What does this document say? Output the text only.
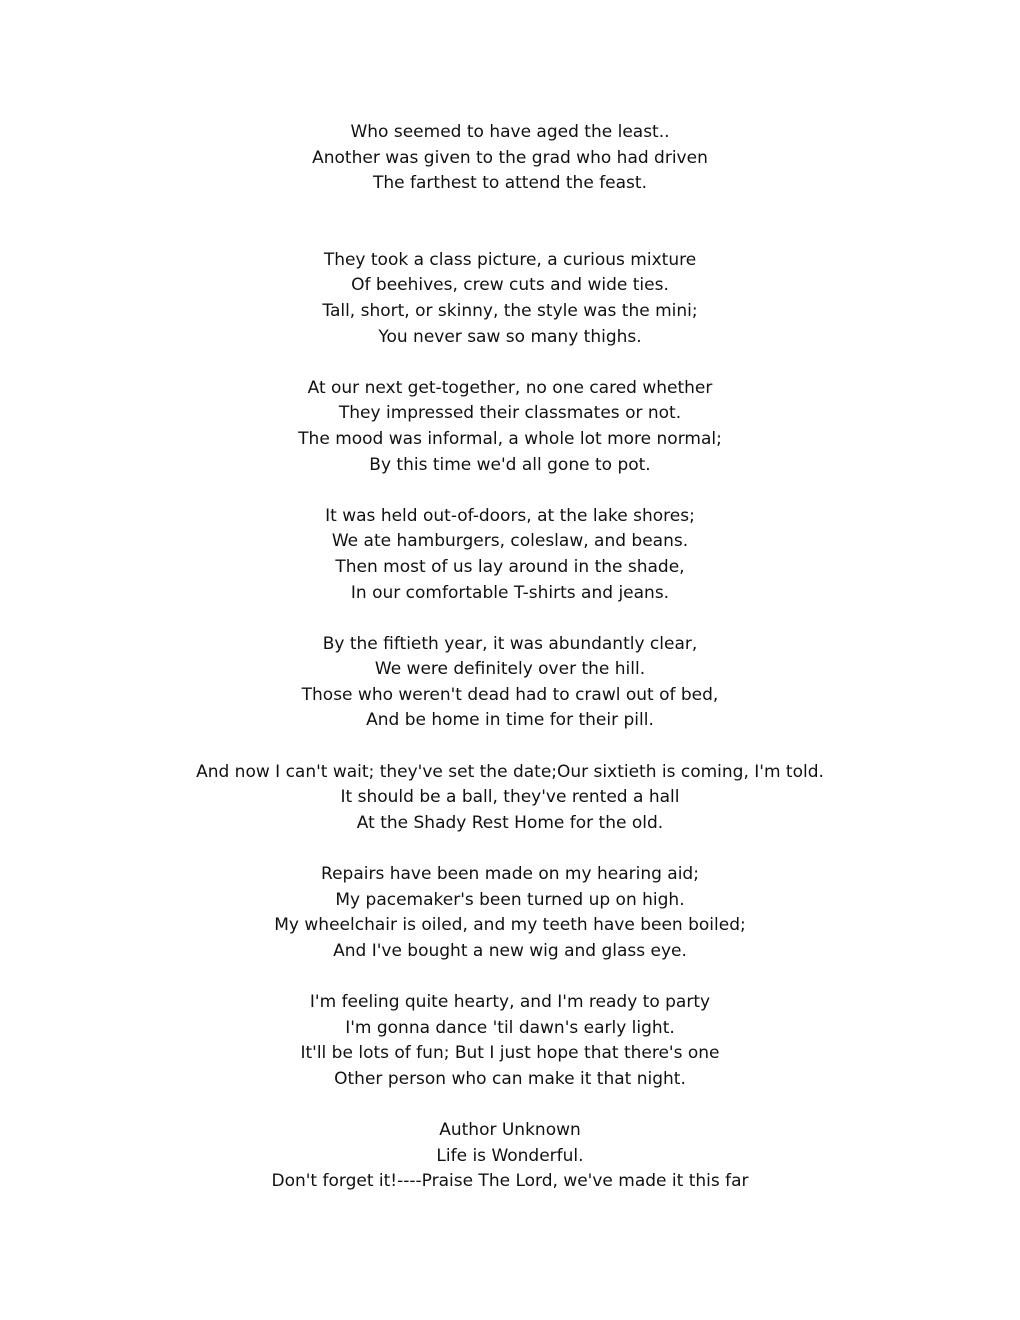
Who seemed to have aged the least..
Another was given to the grad who had driven
The farthest to attend the feast.
They took a class picture, a curious mixture
Of beehives, crew cuts and wide ties.
Tall, short, or skinny, the style was the mini;
You never saw so many thighs.
At our next get-together, no one cared whether
They impressed their classmates or not.
The mood was informal, a whole lot more normal;
By this time we'd all gone to pot.
It was held out-of-doors, at the lake shores;
We ate hamburgers, coleslaw, and beans.
Then most of us lay around in the shade,
In our comfortable T-shirts and jeans.
By the fiftieth year, it was abundantly clear,
We were definitely over the hill.
Those who weren't dead had to crawl out of bed,
And be home in time for their pill.
And now I can't wait; they've set the date;Our sixtieth is coming, I'm told.
It should be a ball, they've rented a hall
At the Shady Rest Home for the old.
Repairs have been made on my hearing aid;
My pacemaker's been turned up on high.
My wheelchair is oiled, and my teeth have been boiled;
And I've bought a new wig and glass eye.
I'm feeling quite hearty, and I'm ready to party
I'm gonna dance 'til dawn's early light.
It'll be lots of fun; But I just hope that there's one
Other person who can make it that night.
Author Unknown
Life is Wonderful.
Don't forget it!----Praise The Lord, we've made it this far
